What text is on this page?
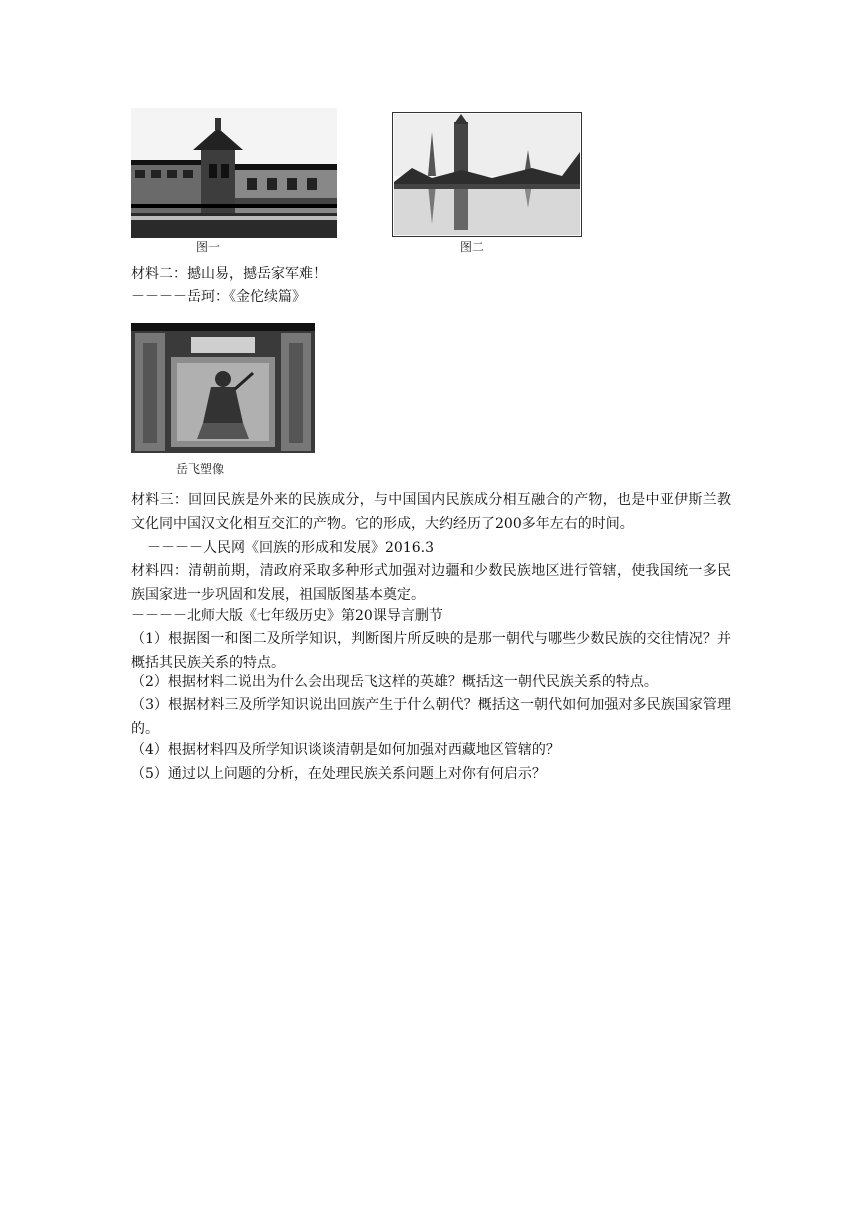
图一	图二
材料二：撼山易，撼岳家军难！
－－－－岳珂：《金佗续篇》
岳飞塑像
材料三：回回民族是外来的民族成分，与中国国内民族成分相互融合的产物，也是中亚伊斯兰教文化同中国汉文化相互交汇的产物。它的形成，大约经历了200多年左右的时间。
－－－－人民网《回族的形成和发展》2016.3
材料四：清朝前期，清政府采取多种形式加强对边疆和少数民族地区进行管辖，使我国统一多民族国家进一步巩固和发展，祖国版图基本奠定。
－－－－北师大版《七年级历史》第20课导言删节
（1）根据图一和图二及所学知识，判断图片所反映的是那一朝代与哪些少数民族的交往情况？并概括其民族关系的特点。
（2）根据材料二说出为什么会出现岳飞这样的英雄？概括这一朝代民族关系的特点。
（3）根据材料三及所学知识说出回族产生于什么朝代？概括这一朝代如何加强对多民族国家管理的。
（4）根据材料四及所学知识谈谈清朝是如何加强对西藏地区管辖的？
（5）通过以上问题的分析，在处理民族关系问题上对你有何启示？
